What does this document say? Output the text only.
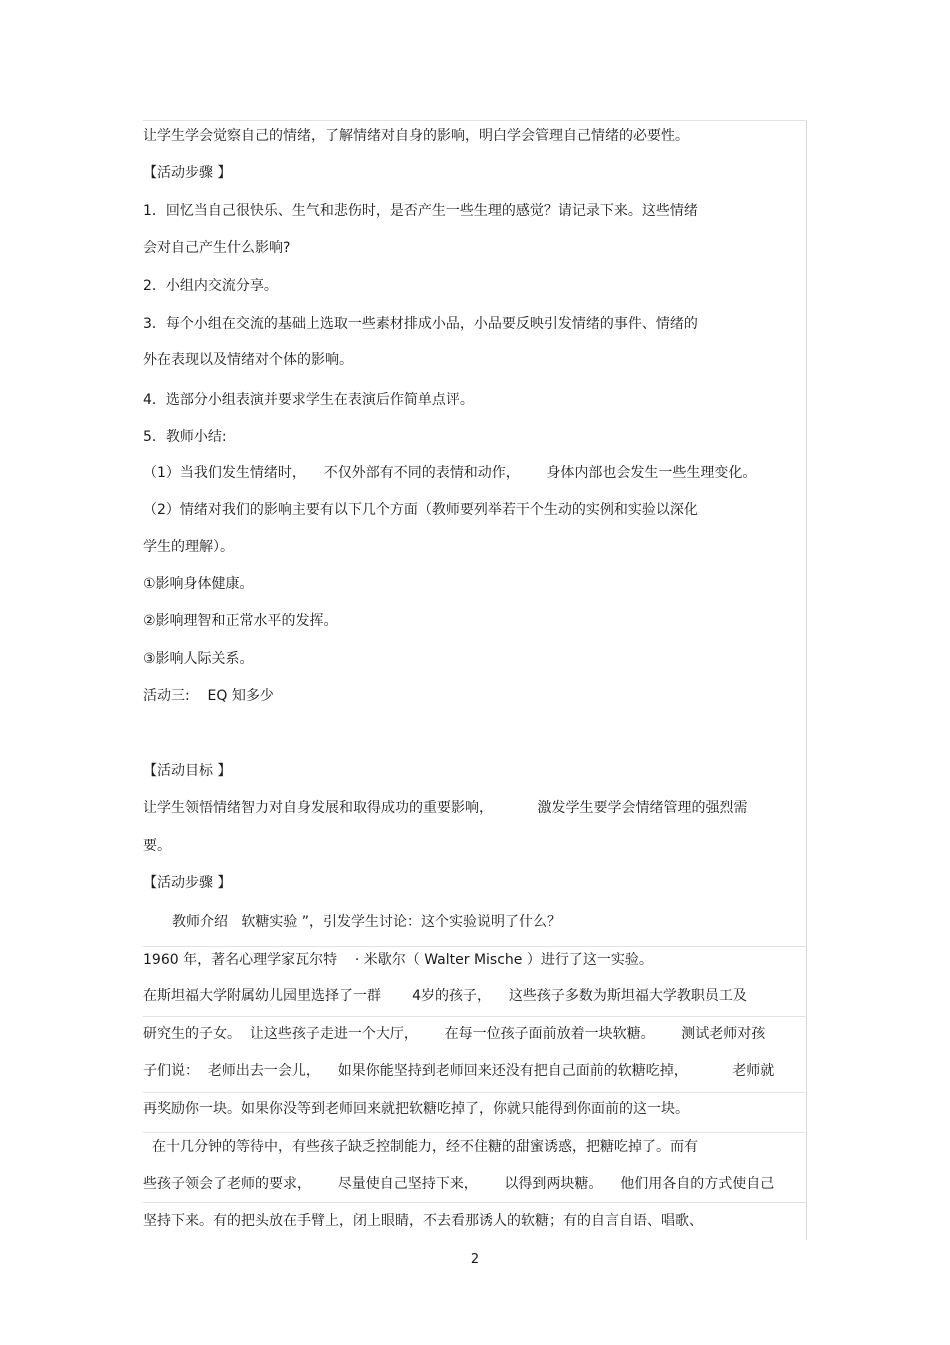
让学生学会觉察自己的情绪，了解情绪对自身的影响，明白学会管理自己情绪的必要性。
【活动步骤 】
1．回忆当自己很快乐、生气和悲伤时，是否产生一些生理的感觉？请记录下来。这些情绪
会对自己产生什么影响?
2．小组内交流分享。
3．每个小组在交流的基础上选取一些素材排成小品，小品要反映引发情绪的事件、情绪的
外在表现以及情绪对个体的影响。
4．选部分小组表演并要求学生在表演后作简单点评。
5．教师小结:
（1）当我们发生情绪时，    不仅外部有不同的表情和动作，      身体内部也会发生一些生理变化。
（2）情绪对我们的影响主要有以下几个方面（教师要列举若干个生动的实例和实验以深化
学生的理解）。
①影响身体健康。
②影响理智和正常水平的发挥。
③影响人际关系。
活动三:    EQ 知多少
【活动目标 】
让学生领悟情绪智力对自身发展和取得成功的重要影响，          激发学生要学会情绪管理的强烈需
要。
【活动步骤 】
教师介绍   软糖实验 ”，引发学生讨论：这个实验说明了什么？
1960 年，著名心理学家瓦尔特    · 米歇尔（ Walter Mische ）进行了这一实验。
在斯坦福大学附属幼儿园里选择了一群       4岁的孩子，    这些孩子多数为斯坦福大学教职员工及
研究生的子女。  让这些孩子走进一个大厅，      在每一位孩子面前放着一块软糖。      测试老师对孩
子们说：  老师出去一会儿，    如果你能坚持到老师回来还没有把自己面前的软糖吃掉，          老师就
再奖励你一块。如果你没等到老师回来就把软糖吃掉了，你就只能得到你面前的这一块。
在十几分钟的等待中，有些孩子缺乏控制能力，经不住糖的甜蜜诱惑，把糖吃掉了。而有
些孩子领会了老师的要求，      尽量使自己坚持下来，      以得到两块糖。    他们用各自的方式使自己
坚持下来。有的把头放在手臂上，闭上眼睛，不去看那诱人的软糖；有的自言自语、唱歌、
2
